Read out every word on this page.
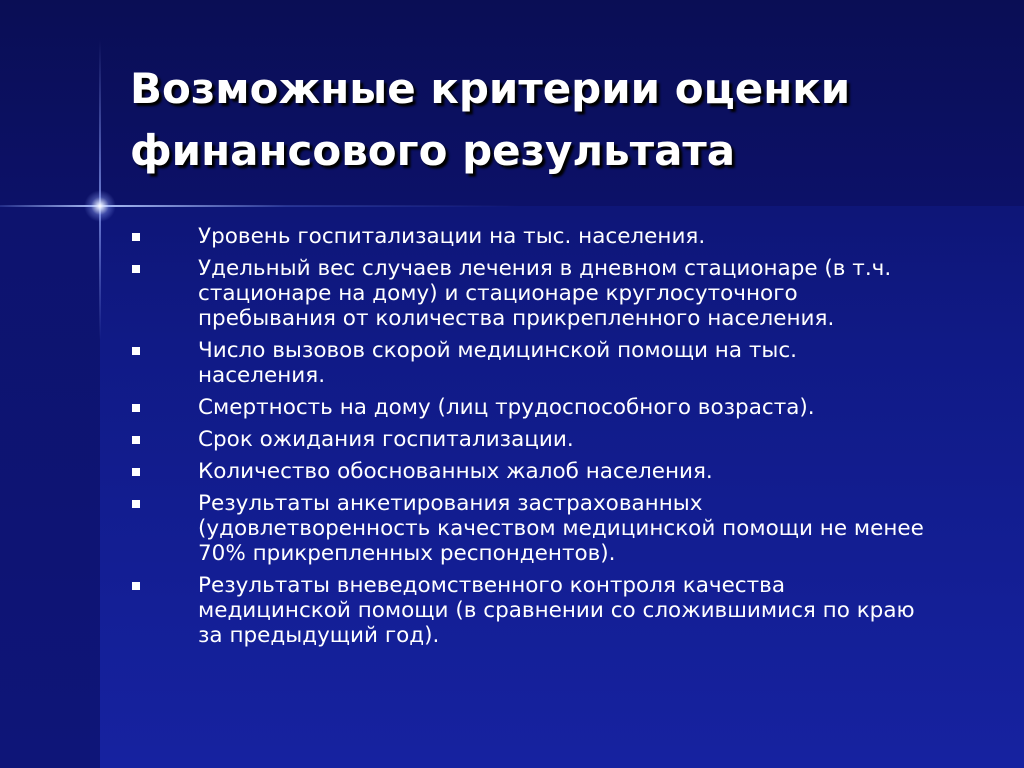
Возможные критерии оценки
финансового результата
Уровень госпитализации на тыс. населения.
Удельный вес случаев лечения в дневном стационаре (в т.ч.
стационаре на дому) и стационаре круглосуточного
пребывания от количества прикрепленного населения.
Число вызовов скорой медицинской помощи на тыс.
населения.
Смертность на дому (лиц трудоспособного возраста).
Срок ожидания госпитализации.
Количество обоснованных жалоб населения.
Результаты анкетирования застрахованных
(удовлетворенность качеством медицинской помощи не менее
70% прикрепленных респондентов).
Результаты вневедомственного контроля качества
медицинской помощи (в сравнении со сложившимися по краю
за предыдущий год).
